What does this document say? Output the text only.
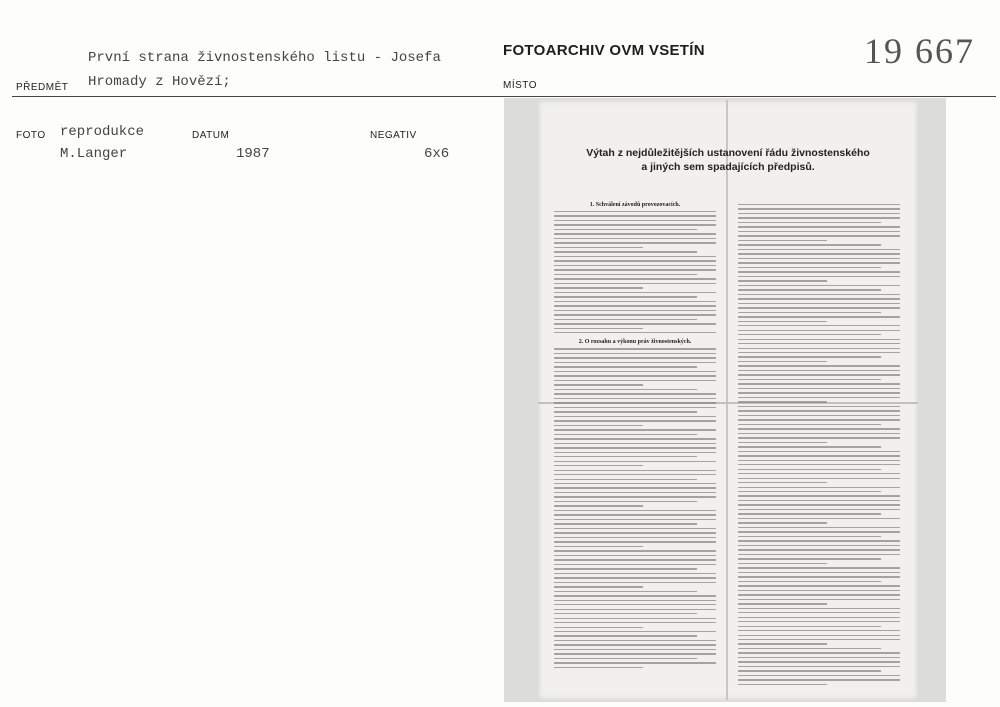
První strana živnostenského listu - Josefa
PŘEDMĚT Hromady z Hovězí;
FOTOARCHIV OVM VSETÍN
MÍSTO
19 667
FOTO reprodukce
M.Langer
DATUM
1987
NEGATIV
6x6	Výtah z nejdůležitějších ustanovení řádu živnostenského
a jiných sem spadajících předpisů.
1. Schválení závodů provozovacích.
2. O rozsahu a výkonu práv živnostenských.
